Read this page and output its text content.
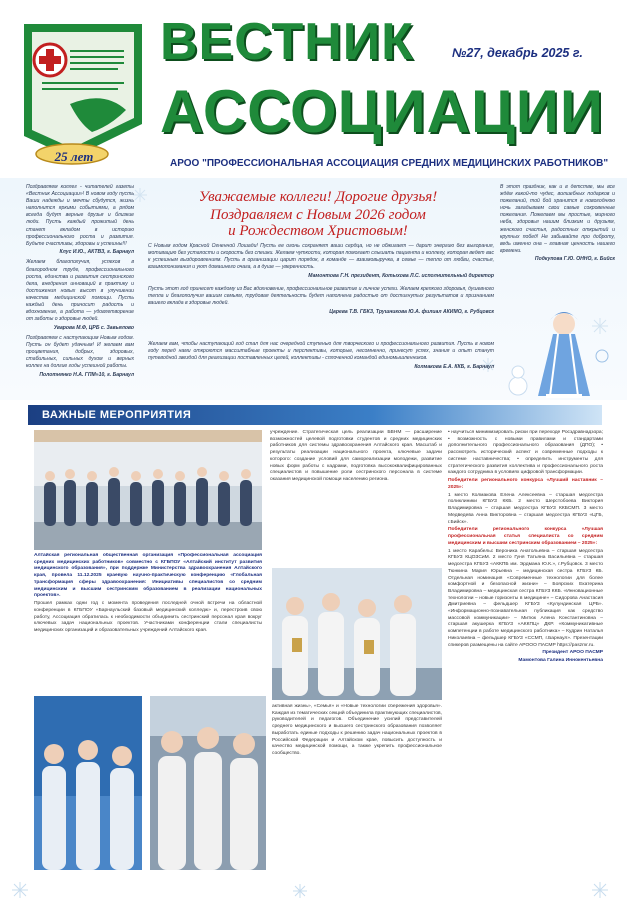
25 лет
ВЕСТНИК
АССОЦИАЦИИ
№27, декабрь 2025 г.
АРОО "ПРОФЕССИОНАЛЬНАЯ АССОЦИАЦИЯ СРЕДНИХ МЕДИЦИНСКИХ РАБОТНИКОВ"

Поздравляем коллег - читателей газеты «Вестник Ассоциации»! В новом году пусть Ваши надежды и мечты сбудутся, жизнь наполнится яркими событиями, а рядом всегда будут верные друзья и близкие люди. Пусть каждый прожитый день станет вкладом в историю профессионального роста и развития. Будьте счастливы, здоровы и успешны!!!

Клус И.Ю., АКТВЗ, г. Барнаул

Желаем благополучия, успехов в благородном труде, профессионального роста, единства и развития сестринского дела, внедрения инноваций в практику и достижения новых высот в улучшении качества медицинской помощи. Пусть каждый день приносит радость и вдохновение, а работа — удовлетворение от заботы о здоровье людей.

Уварова М.Ф, ЦРБ с. Завьялово

Поздравляем с наступающим Новым годом. Пусть он будет удачным! И желаем вам процветания, добрых, здоровых, стабильных, сильных духом и верных коллег на долгие годы успешной работы.

Полотнянко Н.А. ГПМ»10, г. Барнаул

Уважаемые коллеги! Дорогие друзья!
Поздравляем с Новым 2026 годом
и Рождеством Христовым!

С Новым годом Красной Огненной Лошади! Пусть ее огонь сохраняет ваши сердца, но не обжигает — дарит энергию без выгорания, мотивацию без усталости и скорость без спешки. Желаем чуткости, которая помогает слышать пациента и коллегу, которая ведет вас к успешным выздоровлениям. Пусть в организации царит порядок, в команде — взаимовыручка, в семье — тепло от любви, счастья, взаимопонимания и уют домашнего очага, а в душе — уверенность.

Мамонтова Г.Н. президент, Котыхова Л.С. исполнительный директор

Пусть этот год принесет каждому из Вас вдохновение, профессиональное развитие и личное успехи. Желаем крепкого здоровья, душевного тепла и благополучия вашим семьям, трудовая деятельность будет наполнена радостью от достигнутых результатов и признанием вашего вклада в здоровье людей.

Царева Т.В. ГБКЗ, Трушникова Ю.А. филиал АКИМО, г. Рубцовск

Желаем вам, чтобы наступающий год стал для нас очередной ступенью для творческого и профессионального развития. Пусть в новом году перед нами откроются массштабные проекты и перспективы, которые, несомненно, принесут успех, знания и опыт станут путеводной звездой для реализации поставленных целей, коллективы - сплоченной командой единомышленников.

Колмакова Е.А. ККБ, г. Барнаул

В этот праздник, как и в детстве, мы все ждём какой-то чудес, волшебных подарков и пожеланий, той бой хранится в новогоднюю ночь загадываем свои самые сокровенные пожелания. Пожелаем мы простые, мирного неба, здоровья нашим близким и друзьям, женского счастья, радостных открытий и крупных побед! Не забывайте про доброту, ведь именно она – главная ценность нашего времени.

Подкупова Г.Ю. ОННО, г. Бийск

ВАЖНЫЕ МЕРОПРИЯТИЯ

Алтайская региональная общественная организация «Профессиональная ассоциация средних медицинских работников» совместно с КГБПОУ «Алтайский институт развития медицинского образования», при поддержке Министерства здравоохранения Алтайского края, провела 11.12.2025 краевую научно-практическую конференцию «Глобальная трансформация сферы здравоохранения: Инициативы специалистов со средним медицинским и высшим сестринским образованием в реализации национальных проектов».

Прошел рамках одни год с момента проведения последней очной встречи на областной конференции в КГБПОУ «Барнаульский базовый медицинский колледж» и, перестроив свою работу, Ассоциация обратилась к необходимости объединить сестринский персонал края вокруг ключевых задач национальных проектов. Участниками конференции стали специалисты медицинских организаций и образовательных учреждений Алтайского края.

учреждение. Стратегическая цель реализации БВНМ — расширение возможностей целевой подготовки студентов и средних медицинских работников для системы здравоохранения Алтайского края. Масштаб и результаты реализации национального проекта, ключевые задачи которого: создание условий для самореализации молодежи, развитие новых форм работы с кадрами, подготовка высококвалифицированных специалистов и повышение роли сестринского персонала в системе оказания медицинской помощи населению региона.

активная жизнь», «Семья» и «Новые технологии сбережения здоровья». Каждая из тематических секций объединила практикующих специалистов, руководителей и педагогов. Объединение усилий представителей среднего медицинского и высшего сестринского образования позволяет выработать единые подходы к решению задач национальных проектов в Российской Федерации и Алтайском крае, повысить доступность и качество медицинской помощи, а также укрепить профессиональное сообщество.

• научиться минимизировать риски при переходе Росздравнадзора; • возможность с новыми правилами и стандартами дополнительного профессионального образования (ДПО); • рассмотреть исторический аспект и современные подходы к системе наставничества; • определить инструменты для стратегического развития коллектива и профессионального роста каждого сотрудника в условиях цифровой трансформации.

Победители регионального конкурса «Лучший наставник – 2025»:

1 место Колмакова Елена Алексеевна – старшая медсестра поликлиники КГБУЗ ККБ. 2 место Шерстобоева Виктория Владимировна – старшая медсестра КГБУЗ ККБСМП. 3 место Медведева Анна Викторовна – старшая медсестра КГБУЗ «ЦГБ, г.Бийск».

Победители регионального конкурса «Лучшая профессиональная статья специалиста со средним медицинским и высшим сестринским образованием – 2025»:

1 место Карабельс Вероника Анатольевна – старшая медсестра КГБУЗ КЦОЗСиМ. 2 место Гуня Татьяна Васильевна – старшая медсестра КГБУЗ «АККПБ им. Эрдмана Ю.К.», г.Рубцовск. 3 место Тюнкина Мария Юрьевна – медицинская сестра КГБУЗ КБ. Отдельная номинация «Современные технологии для более комфортной и безопасной жизни» – Боярских Екатерина Владимировна – медицинская сестра КГБУЗ ККБ. «Инновационные технологии – новые горизонты в медицине» – Сидорова Анастасия Дмитриевна – фельдшер КГБУЗ «Кулундинская ЦРБ». «Информационно-познавательная публикация как средство массовой коммуникации» – Митюк Алена Константиновна – старшая акушерка КГБУЗ «АККПЦ» ДКР. «Коммуникативные компетенции в работе медицинского работника» – Кудрин Наталья Николаевна – фельдшер КГБУЗ «ССМП, г.Барнаул». Презентации спикеров размещены на сайте АРООО ПАСМР https://paszmr.ru.

Президент АРОО ПАСМР

Мамонтова Галина Иннокентьевна
